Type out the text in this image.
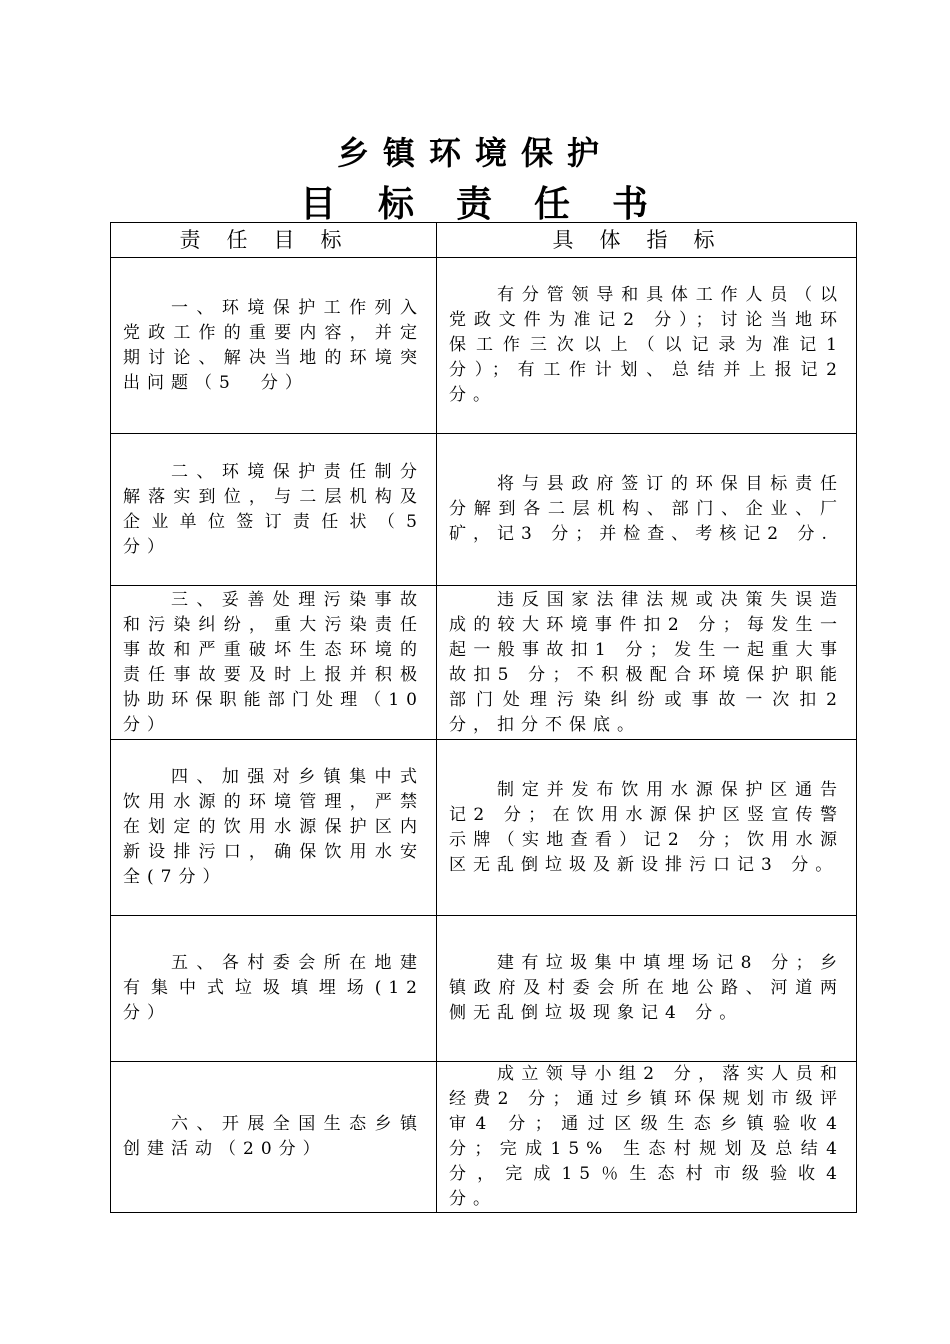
乡镇环境保护
目标责任书
责任目标	具体指标

一、环境保护工作列入党政工作的重要内容，并定期讨论、解决当地的环境突出问题（5　分）	有分管领导和具体工作人员（以党政文件为准记2 分）；讨论当地环保工作三次以上（以记录为准记1 分）；有工作计划、总结并上报记2 分。

二、环境保护责任制分解落实到位，与二层机构及企业单位签订责任状（5　分）	将与县政府签订的环保目标责任分解到各二层机构、部门、企业、厂矿，记3 分；并检查、考核记2 分.

三、妥善处理污染事故和污染纠纷，重大污染责任事故和严重破坏生态环境的责任事故要及时上报并积极协助环保职能部门处理（10　分）	违反国家法律法规或决策失误造成的较大环境事件扣2 分；每发生一起一般事故扣1 分；发生一起重大事故扣5 分；不积极配合环境保护职能部门处理污染纠纷或事故一次扣2 分，扣分不保底。

四、加强对乡镇集中式饮用水源的环境管理，严禁在划定的饮用水源保护区内新设排污口，确保饮用水安全(7分）	制定并发布饮用水源保护区通告记2 分；在饮用水源保护区竖宣传警示牌（实地查看）记2 分；饮用水源区无乱倒垃圾及新设排污口记3 分。

五、各村委会所在地建有集中式垃圾填埋场(12　分）	建有垃圾集中填埋场记8 分；乡镇政府及村委会所在地公路、河道两侧无乱倒垃圾现象记4 分。

六、开展全国生态乡镇创建活动（20分）	成立领导小组2 分，落实人员和经费2 分；通过乡镇环保规划市级评审4 分；通过区级生态乡镇验收4 分；完成15% 生态村规划及总结4 分，完成15％生态村市级验收4 分。
